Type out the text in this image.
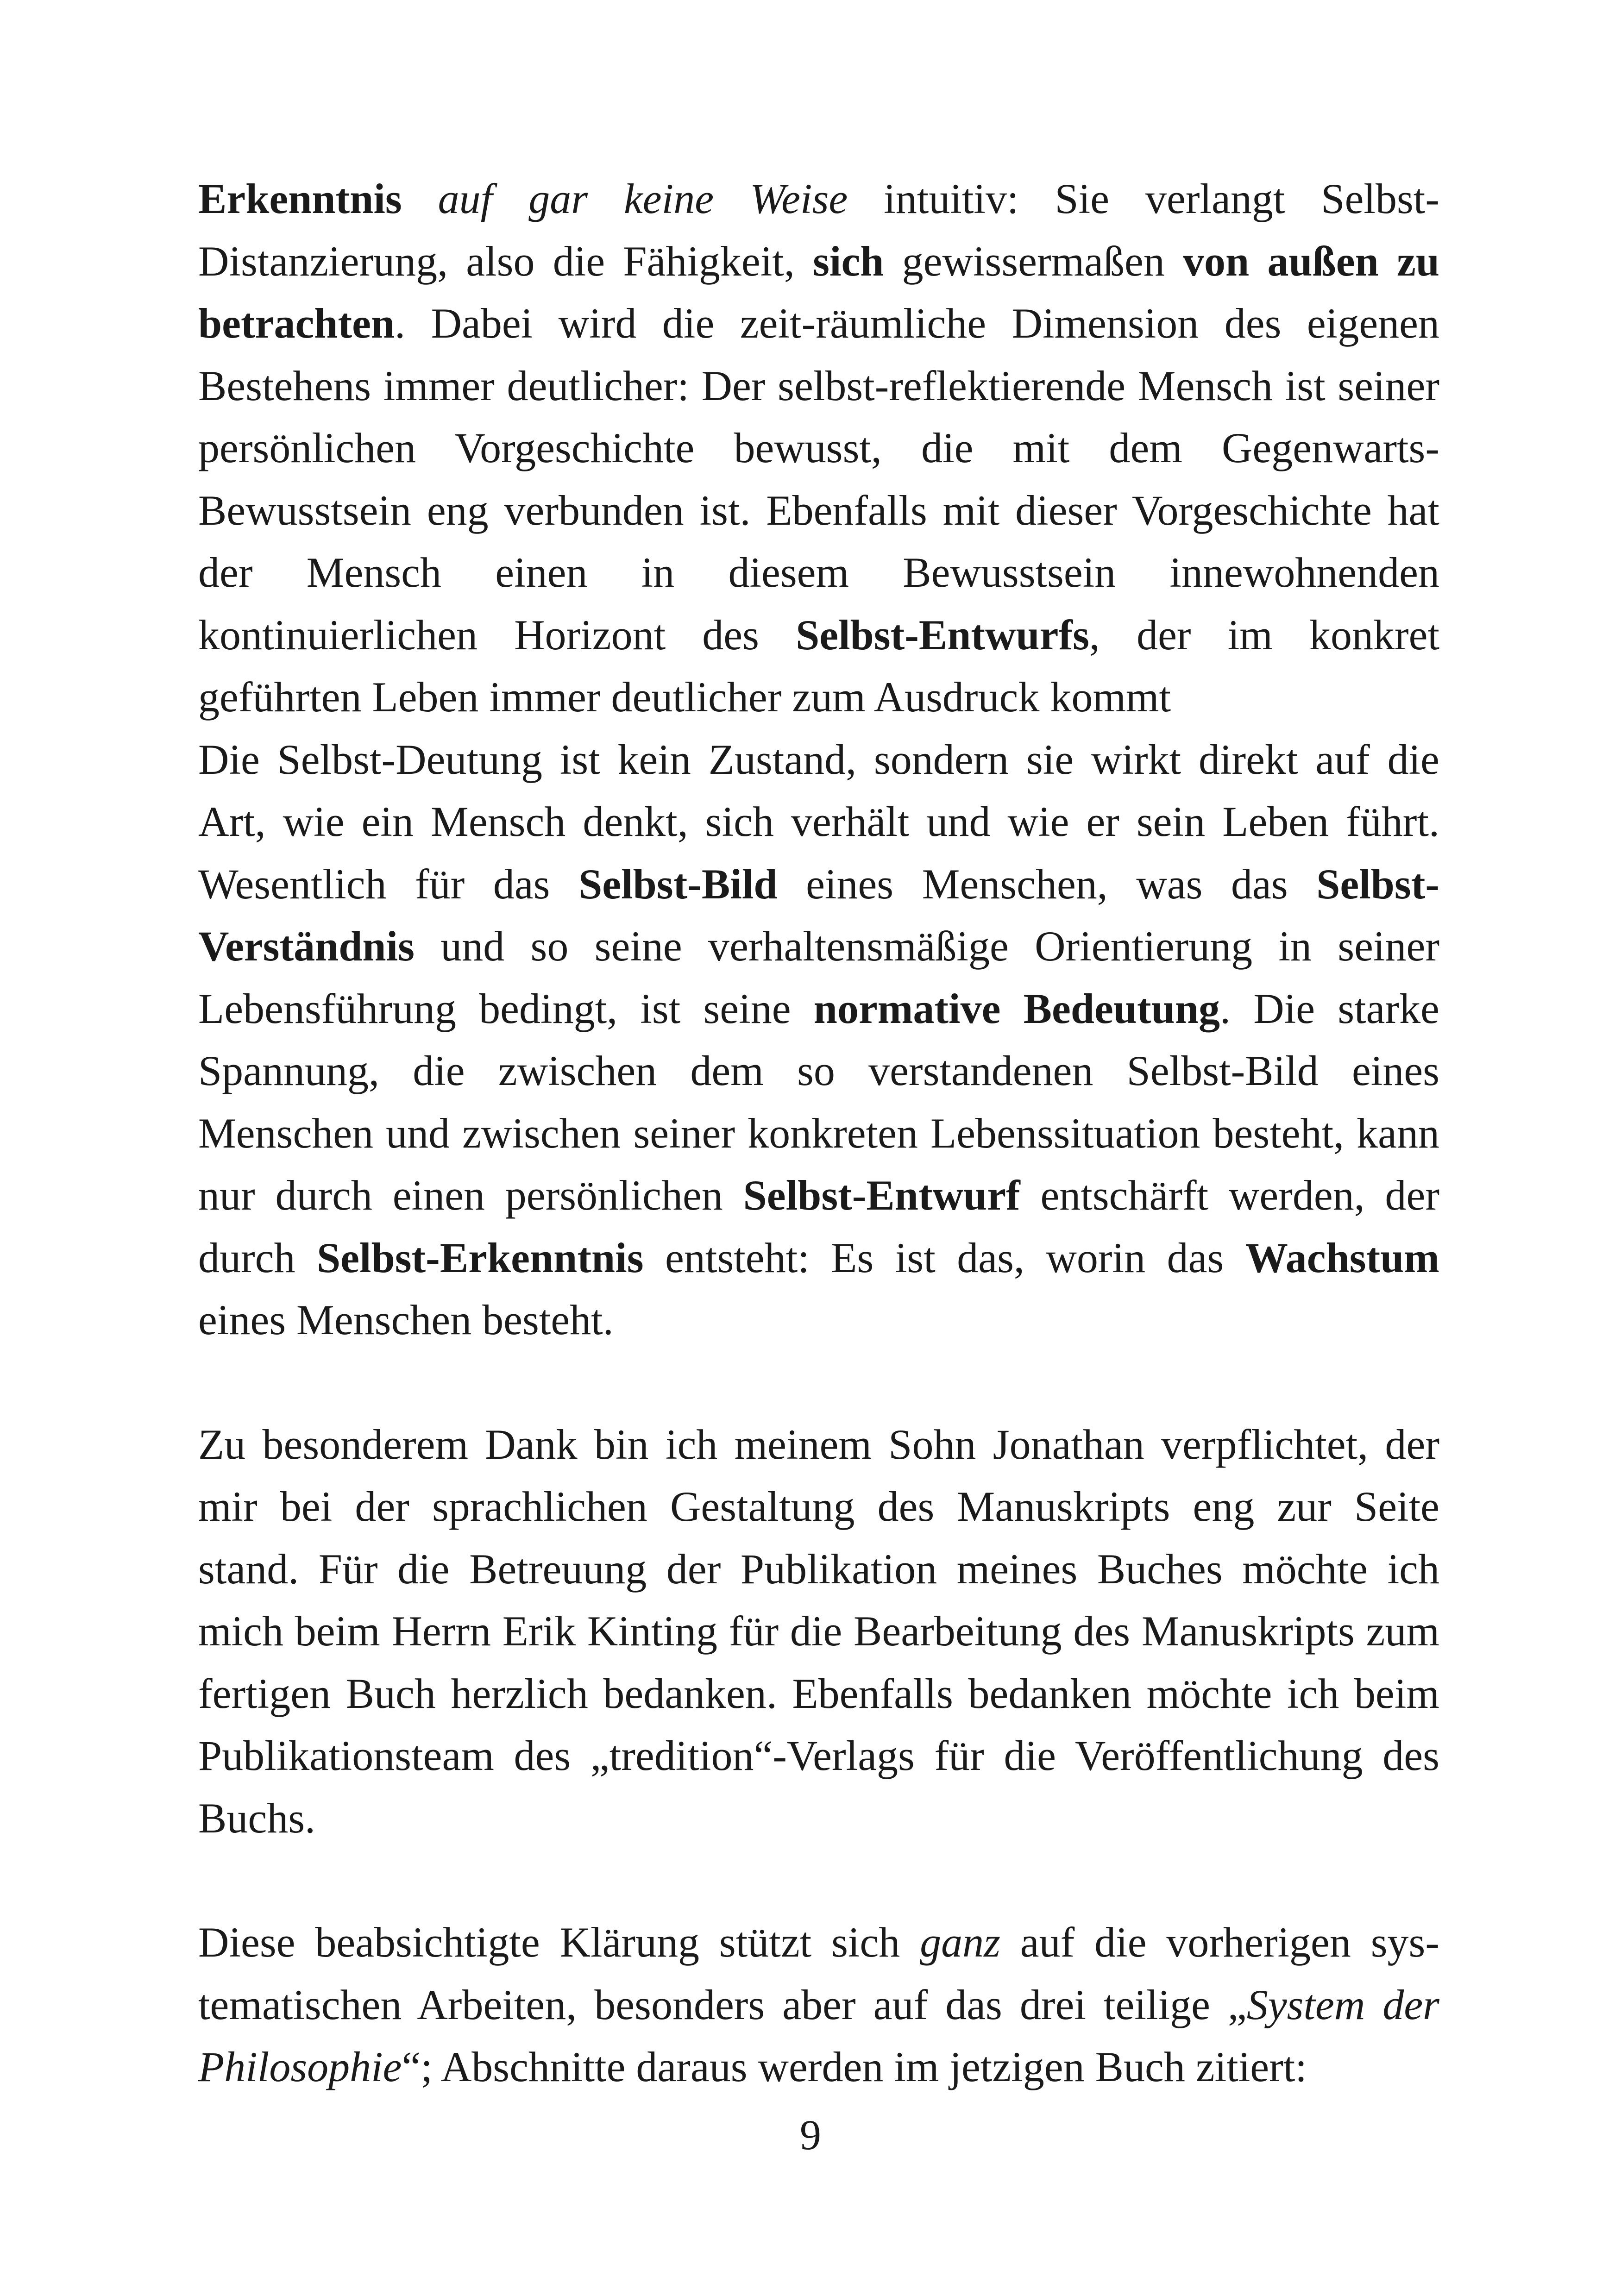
Erkenntnis auf gar keine Weise intuitiv: Sie verlangt Selbst-Distanzierung, also die Fähigkeit, sich gewissermaßen von außen zu betrachten. Dabei wird die zeit-räumliche Dimension des eigenen Bestehens immer deutlicher: Der selbst-reflektierende Mensch ist seiner persönlichen Vorgeschichte bewusst, die mit dem Gegenwarts-Bewusstsein eng verbunden ist. Ebenfalls mit dieser Vorgeschichte hat der Mensch einen in diesem Bewusstsein innewohnenden kontinuierlichen Horizont des Selbst-Entwurfs, der im konkret geführten Leben immer deutlicher zum Ausdruck kommt

Die Selbst-Deutung ist kein Zustand, sondern sie wirkt direkt auf die Art, wie ein Mensch denkt, sich verhält und wie er sein Leben führt. Wesentlich für das Selbst-Bild eines Menschen, was das Selbst-Verständnis und so seine verhaltensmäßige Orientierung in seiner Lebensführung bedingt, ist seine normative Bedeutung. Die starke Spannung, die zwischen dem so verstandenen Selbst-Bild eines Menschen und zwischen seiner konkreten Lebenssituation besteht, kann nur durch einen persönlichen Selbst-Entwurf entschärft werden, der durch Selbst-Erkenntnis entsteht: Es ist das, worin das Wachstum eines Menschen besteht.

Zu besonderem Dank bin ich meinem Sohn Jonathan verpflichtet, der mir bei der sprachlichen Gestaltung des Manuskripts eng zur Seite stand. Für die Betreuung der Publikation meines Buches möchte ich mich beim Herrn Erik Kinting für die Bearbeitung des Manuskripts zum fertigen Buch herzlich bedanken. Ebenfalls bedanken möchte ich beim Publikationsteam des „tredition“-Verlags für die Veröffentlichung des Buchs.

Diese beabsichtigte Klärung stützt sich ganz auf die vorherigen systematischen Arbeiten, besonders aber auf das drei teilige „System der Philosophie“; Abschnitte daraus werden im jetzigen Buch zitiert:

9
